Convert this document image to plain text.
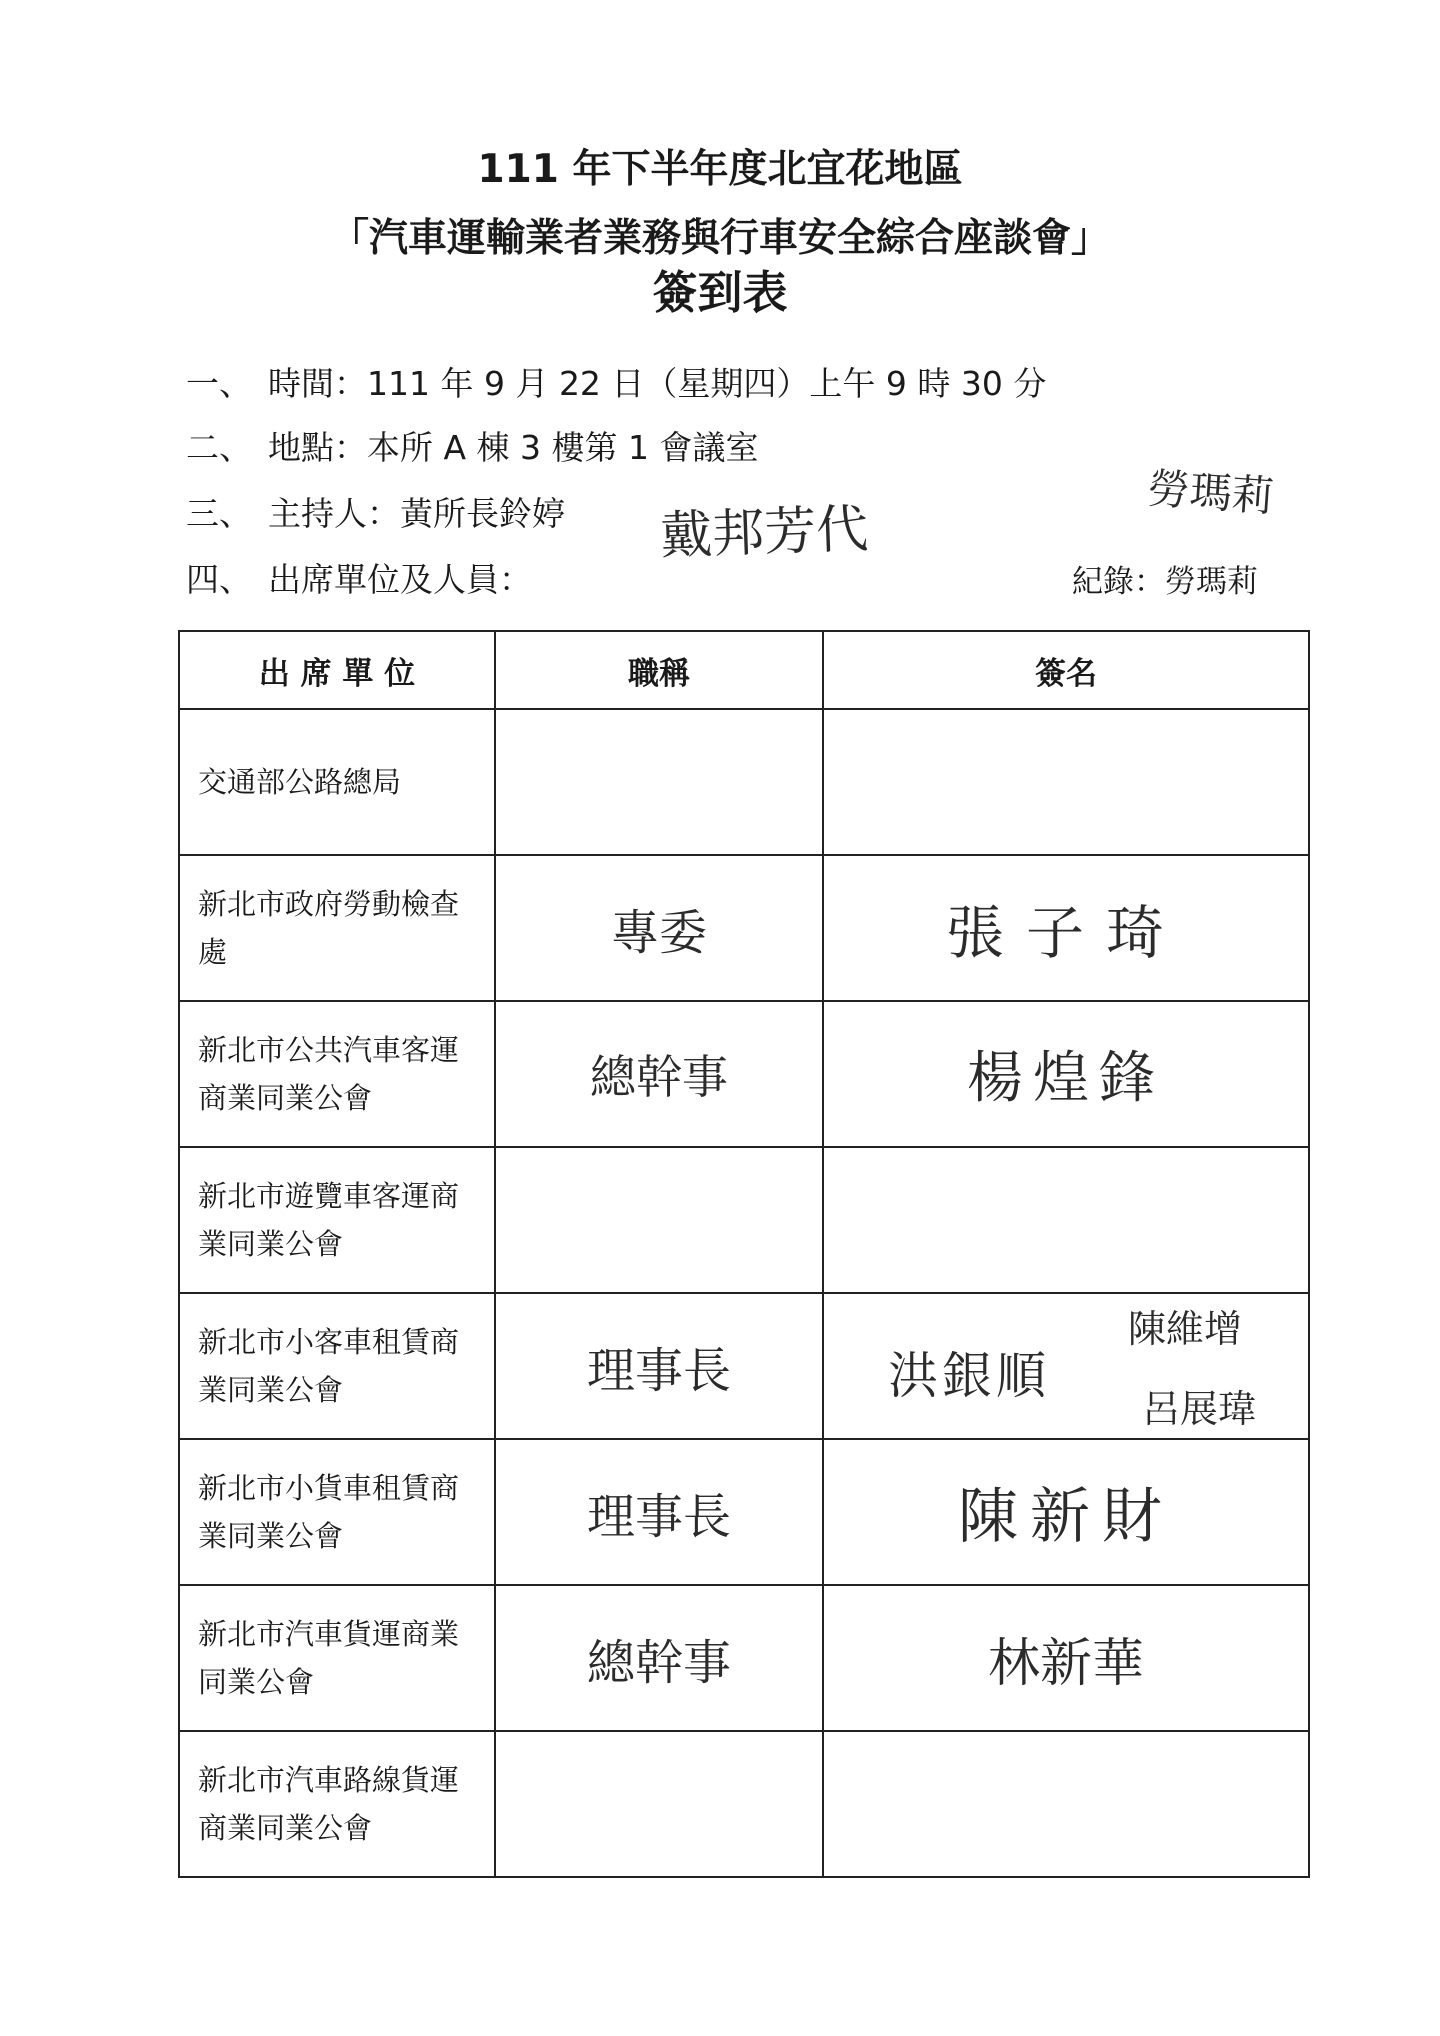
111 年下半年度北宜花地區
「汽車運輸業者業務與行車安全綜合座談會」
簽到表
一、 時間：111 年 9 月 22 日（星期四）上午 9 時 30 分
二、 地點：本所 A 棟 3 樓第 1 會議室
三、 主持人：黃所長鈴婷
四、 出席單位及人員：
戴邦芳代
勞瑪莉
紀錄：勞瑪莉
出 席 單 位	職稱	簽名
交通部公路總局		
新北市政府勞動檢查處	專委	張子琦

新北市公共汽車客運商業同業公會	總幹事	楊煌鋒

新北市遊覽車客運商業同業公會		
新北市小客車租賃商業同業公會	理事長	洪銀順
陳維增
呂展瑋

新北市小貨車租賃商業同業公會	理事長	陳新財

新北市汽車貨運商業同業公會	總幹事	林新華

新北市汽車路線貨運商業同業公會		
